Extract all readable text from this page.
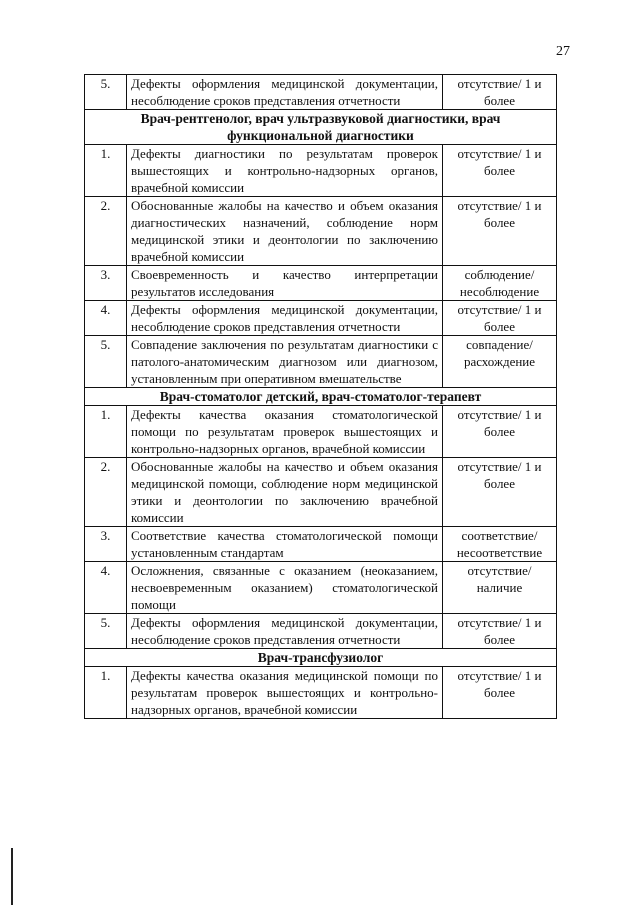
27
5.	Дефекты оформления медицинской документации, несоблюдение сроков представления отчетности	отсутствие/ 1 и более
Врач-рентгенолог, врач ультразвуковой диагностики, врач функциональной диагностики		
1.	Дефекты диагностики по результатам проверок вышестоящих и контрольно-надзорных органов, врачебной комиссии	отсутствие/ 1 и более
2.	Обоснованные жалобы на качество и объем оказания диагностических назначений, соблюдение норм медицинской этики и деонтологии по заключению врачебной комиссии	отсутствие/ 1 и более
3.	Своевременность и качество интерпретации результатов исследования	соблюдение/ несоблюдение
4.	Дефекты оформления медицинской документации, несоблюдение сроков представления отчетности	отсутствие/ 1 и более
5.	Совпадение заключения по результатам диагностики с патолого-анатомическим диагнозом или диагнозом, установленным при оперативном вмешательстве	совпадение/ расхождение
Врач-стоматолог детский, врач-стоматолог-терапевт		
1.	Дефекты качества оказания стоматологической помощи по результатам проверок вышестоящих и контрольно-надзорных органов, врачебной комиссии	отсутствие/ 1 и более
2.	Обоснованные жалобы на качество и объем оказания медицинской помощи, соблюдение норм медицинской этики и деонтологии по заключению врачебной комиссии	отсутствие/ 1 и более
3.	Соответствие качества стоматологической помощи установленным стандартам	соответствие/ несоответствие
4.	Осложнения, связанные с оказанием (неоказанием, несвоевременным оказанием) стоматологической помощи	отсутствие/ наличие
5.	Дефекты оформления медицинской документации, несоблюдение сроков представления отчетности	отсутствие/ 1 и более
Врач-трансфузиолог		
1.	Дефекты качества оказания медицинской помощи по результатам проверок вышестоящих и контрольно-надзорных органов, врачебной комиссии	отсутствие/ 1 и более
